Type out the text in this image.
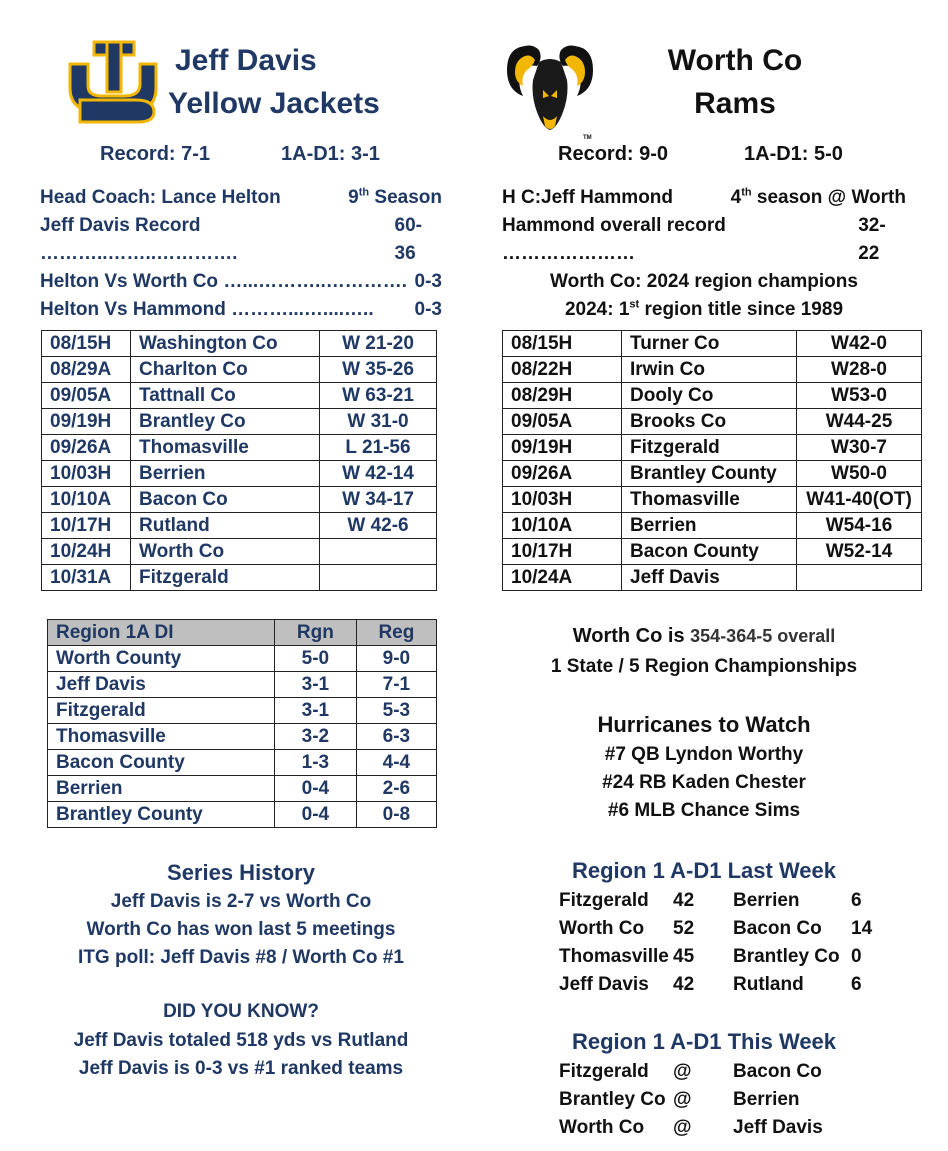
Jeff Davis
Yellow Jackets
Record: 7-1	1A-D1: 3-1
Head Coach: Lance Helton	9th Season
Jeff Davis Record ………..……..………….
60-36
Helton Vs Worth Co …...………..…………. 0-3
Helton Vs Hammond ………...…....….. 0-3
TM
Worth Co
Rams
Record: 9-0	1A-D1: 5-0
H C:Jeff Hammond	4th season @ Worth
Hammond overall record …………………
32-22
Worth Co: 2024 region champions
2024: 1st region title since 1989
08/15H	Washington Co	W 21-20
08/29A	Charlton Co	W 35-26
09/05A	Tattnall Co	W 63-21
09/19H	Brantley Co	W 31-0
09/26A	Thomasville	L 21-56
10/03H	Berrien	W 42-14
10/10A	Bacon Co	W 34-17
10/17H	Rutland	W 42-6
10/24H	Worth Co	
10/31A	Fitzgerald	
08/15H	Turner Co	W42-0
08/22H	Irwin Co	W28-0
08/29H	Dooly Co	W53-0
09/05A	Brooks Co	W44-25
09/19H	Fitzgerald	W30-7
09/26A	Brantley County	W50-0
10/03H	Thomasville	W41-40(OT)
10/10A	Berrien	W54-16
10/17H	Bacon County	W52-14
10/24A	Jeff Davis	
Region 1A DI	Rgn	Reg
Worth County	5-0	9-0
Jeff Davis	3-1	7-1
Fitzgerald	3-1	5-3
Thomasville	3-2	6-3
Bacon County	1-3	4-4
Berrien	0-4	2-6
Brantley County	0-4	0-8
Worth Co is 354-364-5 overall
1 State / 5 Region Championships
Hurricanes to Watch
#7 QB Lyndon Worthy
#24 RB Kaden Chester
#6 MLB Chance Sims
Series History
Jeff Davis is 2-7 vs Worth Co
Worth Co has won last 5 meetings
ITG poll: Jeff Davis #8 / Worth Co #1
DID YOU KNOW?
Jeff Davis totaled 518 yds vs Rutland
Jeff Davis is 0-3 vs #1 ranked teams
Region 1 A-D1 Last Week
Fitzgerald	42	Berrien	6
Worth Co	52	Bacon Co	14
Thomasville	45	Brantley Co	0
Jeff Davis	42	Rutland	6
Region 1 A-D1 This Week
Fitzgerald	@	Bacon Co
Brantley Co	@	Berrien
Worth Co	@	Jeff Davis
